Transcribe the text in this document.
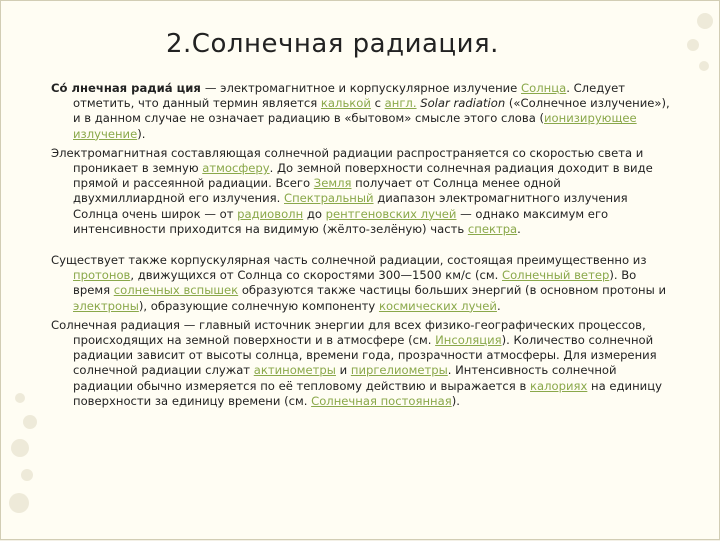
2.Солнечная радиация.

Со́ лнечная радиа́ ция — электромагнитное и корпускулярное излучение Солнца. Следует отметить, что данный термин является калькой с англ. Solar radiation («Солнечное излучение»), и в данном случае не означает радиацию в «бытовом» смысле этого слова (ионизирующее излучение).

Электромагнитная составляющая солнечной радиации распространяется со скоростью света и проникает в земную атмосферу. До земной поверхности солнечная радиация доходит в виде прямой и рассеянной радиации. Всего Земля получает от Солнца менее одной двухмиллиардной его излучения. Спектральный диапазон электромагнитного излучения Солнца очень широк — от радиоволн до рентгеновских лучей — однако максимум его интенсивности приходится на видимую (жёлто-зелёную) часть спектра.

Существует также корпускулярная часть солнечной радиации, состоящая преимущественно из протонов, движущихся от Солнца со скоростями 300—1500 км/с (см. Солнечный ветер). Во время солнечных вспышек образуются также частицы больших энергий (в основном протоны и электроны), образующие солнечную компоненту космических лучей.

Солнечная радиация — главный источник энергии для всех физико-географических процессов, происходящих на земной поверхности и в атмосфере (см. Инсоляция). Количество солнечной радиации зависит от высоты солнца, времени года, прозрачности атмосферы. Для измерения солнечной радиации служат актинометры и пиргелиометры. Интенсивность солнечной радиации обычно измеряется по её тепловому действию и выражается в калориях на единицу поверхности за единицу времени (см. Солнечная постоянная).
